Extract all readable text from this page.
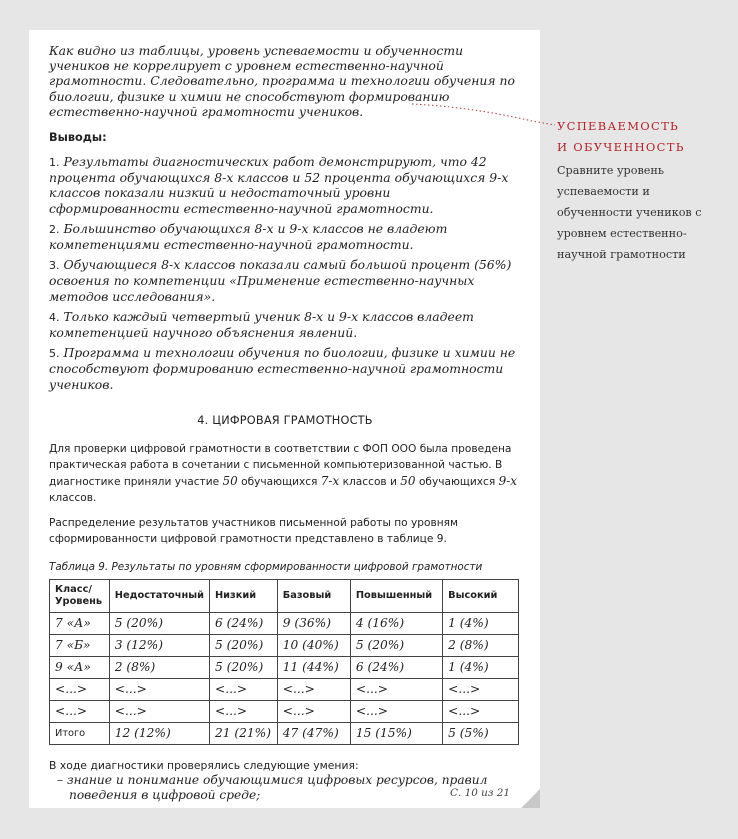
Как видно из таблицы, уровень успеваемости и обученности учеников не коррелирует с уровнем естественно-научной грамотности. Следовательно, программа и технологии обучения по биологии, физике и химии не способствуют формированию естественно-научной грамотности учеников.

Выводы:

1. Результаты диагностических работ демонстрируют, что 42 процента обучающихся 8-х классов и 52 процента обучающихся 9-х классов показали низкий и недостаточный уровни сформированности естественно-научной грамотности.

2. Большинство обучающихся 8-х и 9-х классов не владеют компетенциями естественно-научной грамотности.

3. Обучающиеся 8-х классов показали самый большой процент (56%) освоения по компетенции «Применение естественно-научных методов исследования».

4. Только каждый четвертый ученик 8-х и 9-х классов владеет компетенцией научного объяснения явлений.

5. Программа и технологии обучения по биологии, физике и химии не способствуют формированию естественно-научной грамотности учеников.

4. ЦИФРОВАЯ ГРАМОТНОСТЬ

Для проверки цифровой грамотности в соответствии с ФОП ООО была проведена практическая работа в сочетании с письменной компьютеризованной частью. В диагностике приняли участие 50 обучающихся 7-х классов и 50 обучающихся 9-х классов.

Распределение результатов участников письменной работы по уровням сформированности цифровой грамотности представлено в таблице 9.

Таблица 9. Результаты по уровням сформированности цифровой грамотности

Класс/ Уровень	Недостаточный	Низкий	Базовый	Повышенный	Высокий
7 «А»	5 (20%)	6 (24%)	9 (36%)	4 (16%)	1 (4%)
7 «Б»	3 (12%)	5 (20%)	10 (40%)	5 (20%)	2 (8%)
9 «А»	2 (8%)	5 (20%)	11 (44%)	6 (24%)	1 (4%)
<...>	<...>	<...>	<...>	<...>	<...>
<...>	<...>	<...>	<...>	<...>	<...>
Итого	12 (12%)	21 (21%)	47 (47%)	15 (15%)	5 (5%)

В ходе диагностики проверялись следующие умения:

– знание и понимание обучающимися цифровых ресурсов, правил поведения в цифровой среде;	С. 10 из 21
УСПЕВАЕМОСТЬ
И ОБУЧЕННОСТЬ

Сравните уровень успеваемости и обученности учеников с уровнем естественно-научной грамотности
